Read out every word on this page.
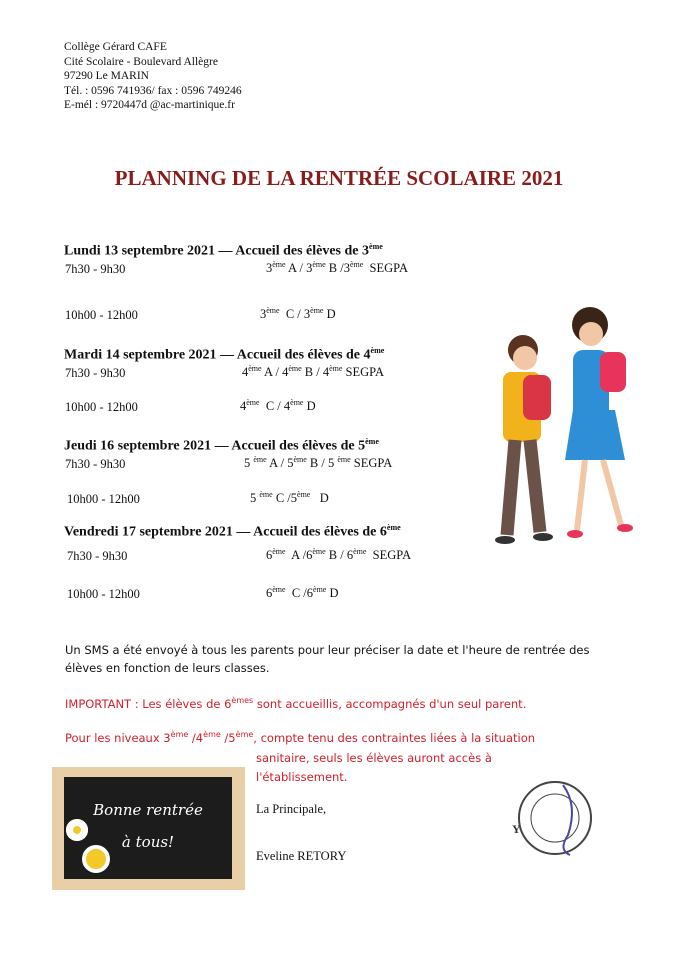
Collège Gérard CAFE
Cité Scolaire - Boulevard Allègre
97290 Le MARIN
Tél. : 0596 741936/ fax : 0596 749246
E-mél : 9720447d @ac-martinique.fr
PLANNING DE LA RENTRÉE SCOLAIRE 2021
Lundi 13 septembre 2021 — Accueil des élèves de 3ème
7h30 - 9h30	3ème A / 3ème B /3ème  SEGPA
10h00 - 12h00	3ème  C / 3ème D
Mardi 14 septembre 2021 — Accueil des élèves de 4ème
7h30 - 9h30	4ème A / 4ème B / 4ème SEGPA
10h00 - 12h00	4ème  C / 4ème D
Jeudi 16 septembre 2021 — Accueil des élèves de 5ème
7h30 - 9h30	5 $^{ème}$ A / 5ème B / 5 $^{ème}$ SEGPA
10h00 - 12h00	5 $^{ème}$ C /5ème   D
Vendredi 17 septembre 2021 — Accueil des élèves de 6ème
7h30 - 9h30	6ème  A /6ème B / 6ème  SEGPA
10h00 - 12h00	6ème  C /6ème D
Un SMS a été envoyé à tous les parents pour leur préciser la date et l'heure de rentrée des élèves en fonction de leurs classes.
IMPORTANT : Les élèves de 6èmes sont accueillis, accompagnés d'un seul parent.
Pour les niveaux 3ème /4ème /5ème, compte tenu des contraintes liées à la situation
sanitaire, seuls les élèves auront accès à
l'établissement.
Bonne rentrée
à tous!
La Principale,
Eveline RETORY
Y
